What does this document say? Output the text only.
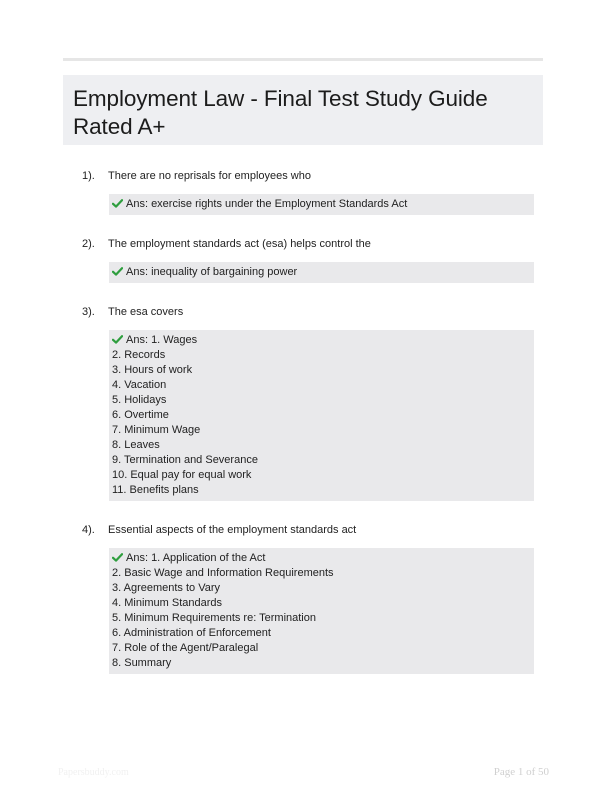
Employment Law - Final Test Study Guide Rated A+
1). There are no reprisals for employees who
Ans: exercise rights under the Employment Standards Act
2). The employment standards act (esa) helps control the
Ans: inequality of bargaining power
3). The esa covers
Ans: 1. Wages
2. Records
3. Hours of work
4. Vacation
5. Holidays
6. Overtime
7. Minimum Wage
8. Leaves
9. Termination and Severance
10. Equal pay for equal work
11. Benefits plans
4). Essential aspects of the employment standards act
Ans: 1. Application of the Act
2. Basic Wage and Information Requirements
3. Agreements to Vary
4. Minimum Standards
5. Minimum Requirements re: Termination
6. Administration of Enforcement
7. Role of the Agent/Paralegal
8. Summary
Papersbuddy.com	Page 1 of 50
